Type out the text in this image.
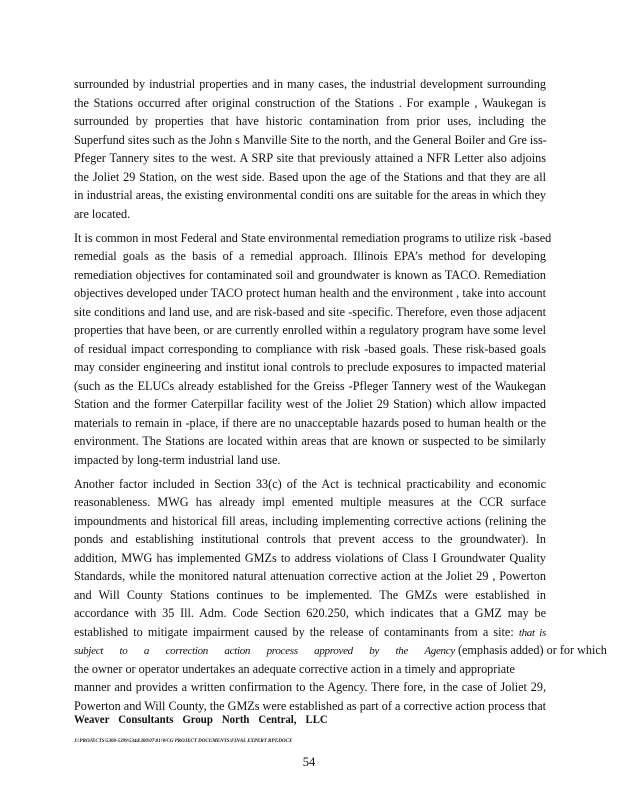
surrounded by industrial properties and in many cases, the industrial development surrounding
the Stations occurred after original construction of the Stations . For example , Waukegan is
surrounded by properties that have historic contamination from prior uses, including the
Superfund sites such as the John s Manville Site to the north, and the General Boiler and Gre iss-
Pfeger Tannery sites to the west. A SRP site that previously attained a NFR Letter also adjoins
the Joliet 29 Station, on the west side. Based upon the age of the Stations and that they are all
in industrial areas, the existing environmental conditi ons are suitable for the areas in which they
are located.
It is common in most Federal and State environmental remediation programs to utilize risk -based
remedial goals as the basis of a remedial approach. Illinois EPA’s method for developing
remediation objectives for contaminated soil and groundwater is known as TACO. Remediation
objectives developed under TACO protect human health and the environment , take into account
site conditions and land use, and are risk-based and site -specific. Therefore, even those adjacent
properties that have been, or are currently enrolled within a regulatory program have some level
of residual impact corresponding to compliance with risk -based goals. These risk-based goals
may consider engineering and institut ional controls to preclude exposures to impacted material
(such as the ELUCs already established for the Greiss -Pfleger Tannery west of the Waukegan
Station and the former Caterpillar facility west of the Joliet 29 Station) which allow impacted
materials to remain in -place, if there are no unacceptable hazards posed to human health or the
environment. The Stations are located within areas that are known or suspected to be similarly
impacted by long-term industrial land use.
Another factor included in Section 33(c) of the Act is technical practicability and economic
reasonableness. MWG has already impl emented multiple measures at the CCR surface
impoundments and historical fill areas, including implementing corrective actions (relining the
ponds and establishing institutional controls that prevent access to the groundwater). In
addition, MWG has implemented GMZs to address violations of Class I Groundwater Quality
Standards, while the monitored natural attenuation corrective action at the Joliet 29 , Powerton
and Will County Stations continues to be implemented. The GMZs were established in
accordance with 35 Ill. Adm. Code Section 620.250, which indicates that a GMZ may be
established to mitigate impairment caused by the release of contaminants from a site: that is
subject to a correction action process approved by the Agency (emphasis added) or for which
the owner or operator undertakes an adequate corrective action in a timely and appropriate
manner and provides a written confirmation to the Agency. There fore, in the case of Joliet 29,
Powerton and Will County, the GMZs were established as part of a corrective action process that
Weaver Consultants Group North Central, LLC
J:\PROJECTS\5300-5399\5344\300\07\01\WCG PROJECT DOCUMENTS\FINAL EXPERT RPT.DOCX
54
